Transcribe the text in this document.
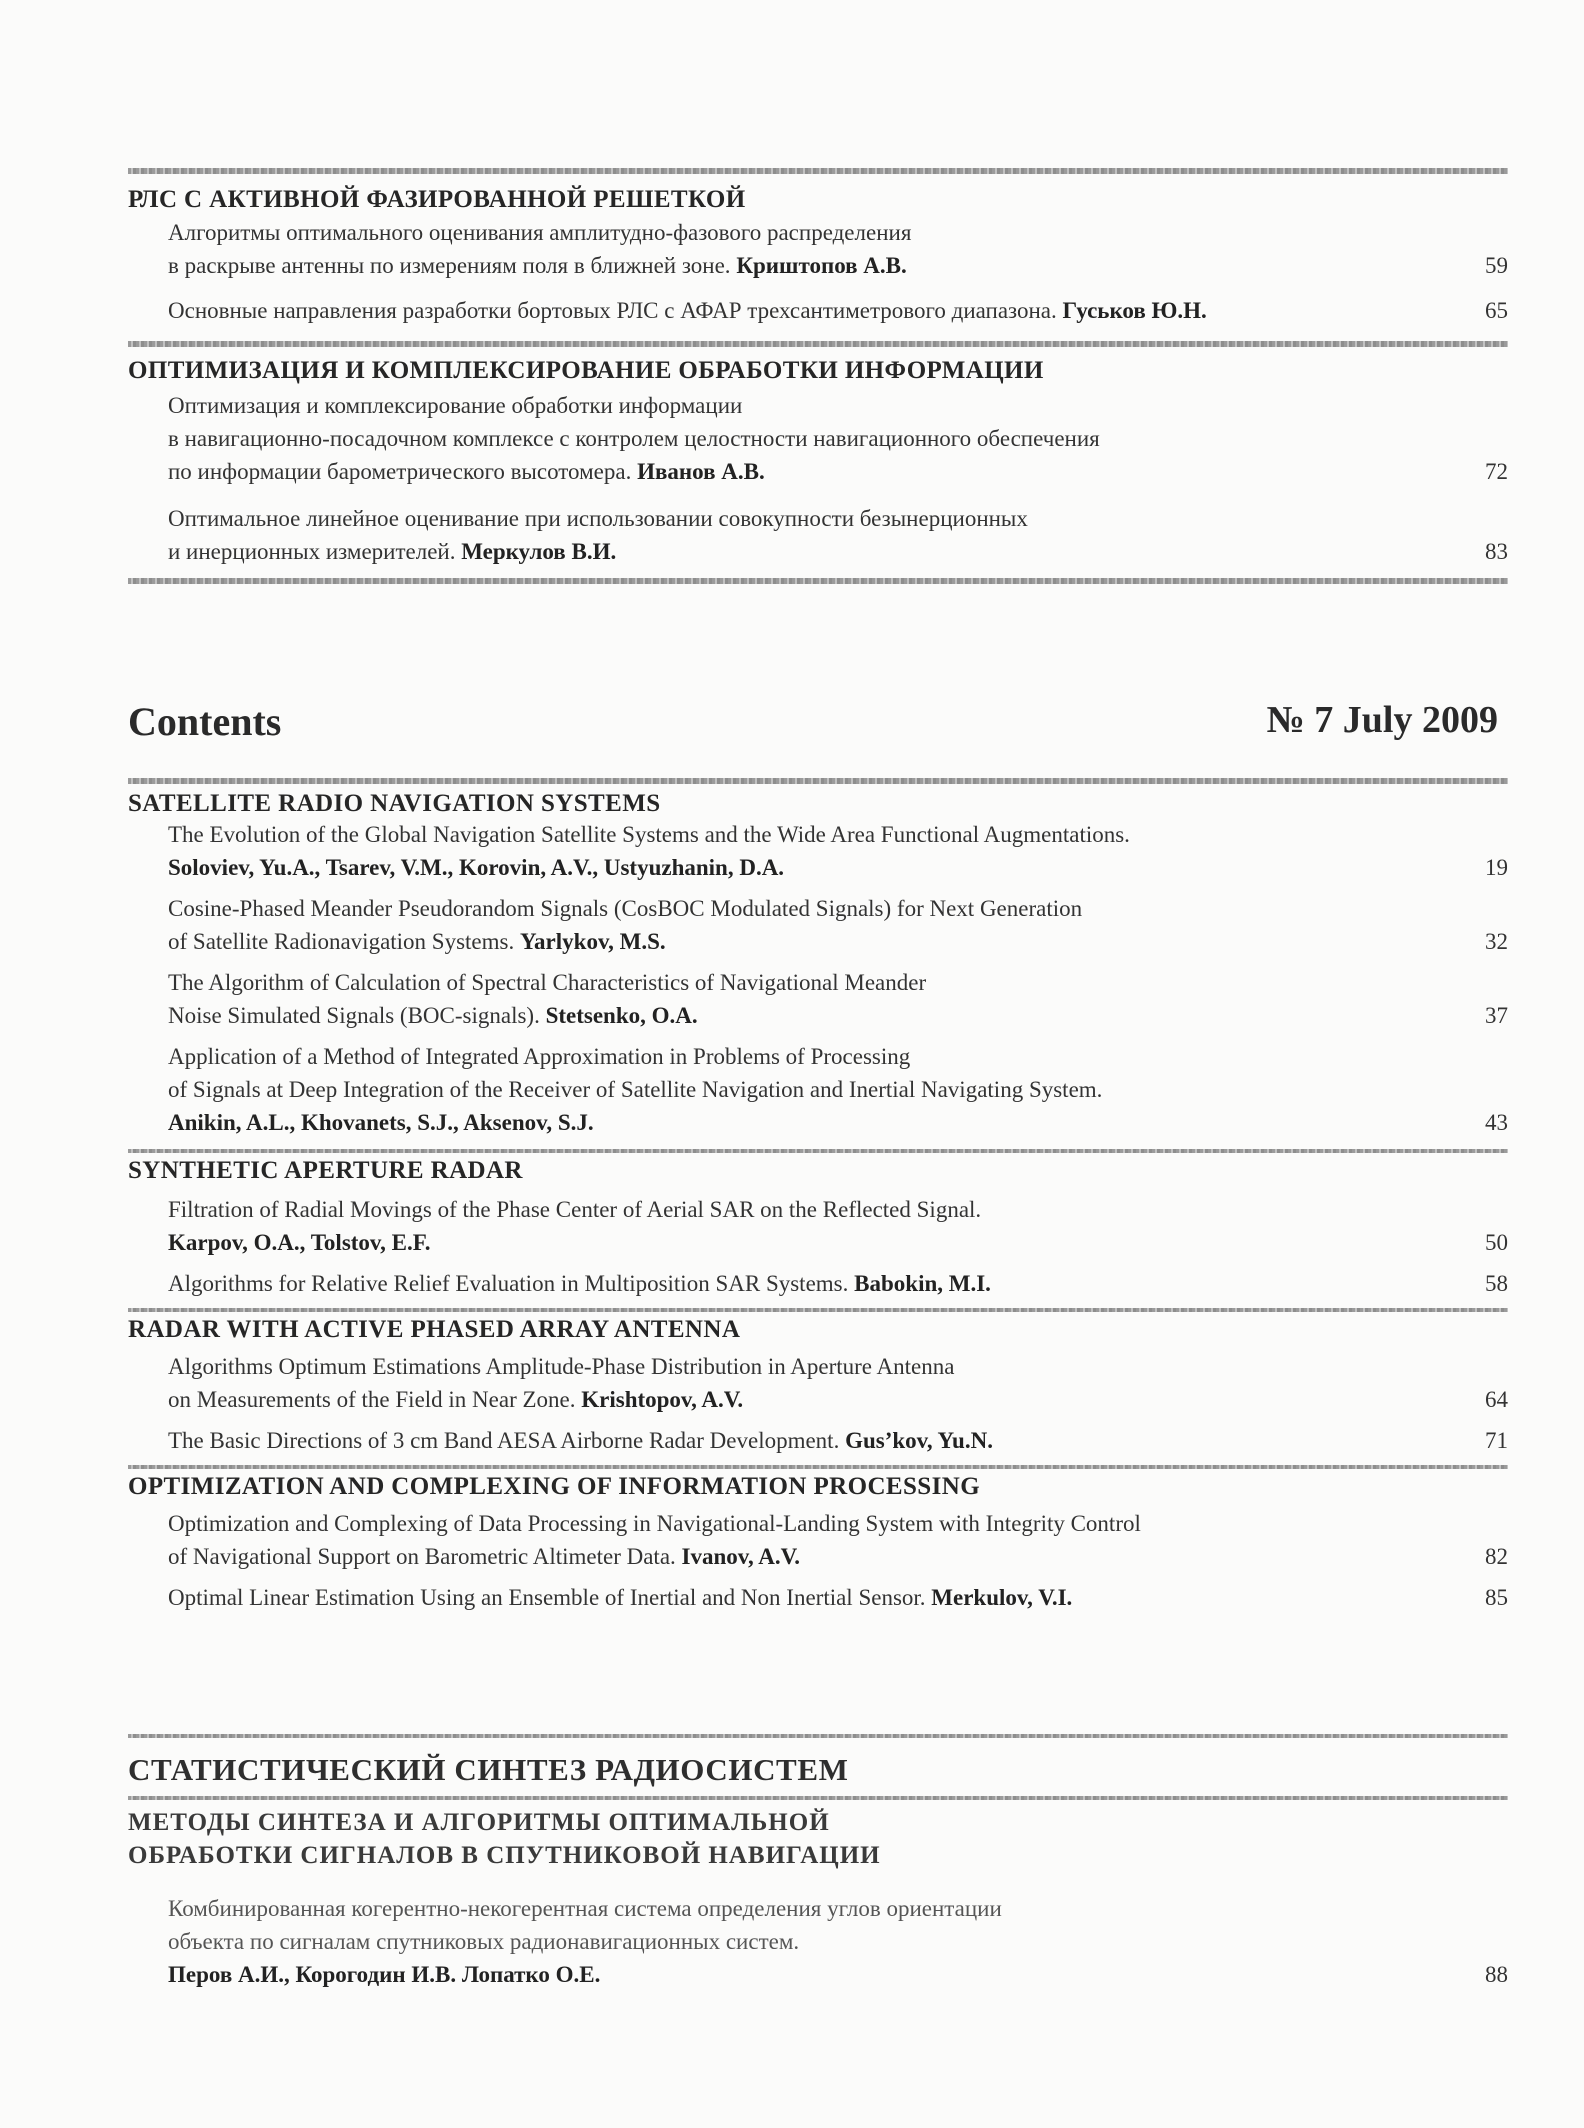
РЛС С АКТИВНОЙ ФАЗИРОВАННОЙ РЕШЕТКОЙ
Алгоритмы оптимального оценивания амплитудно-фазового распределения
в раскрыве антенны по измерениям поля в ближней зоне. Криштопов А.В.	59
Основные направления разработки бортовых РЛС с АФАР трехсантиметрового диапазона. Гуськов Ю.Н.	65
ОПТИМИЗАЦИЯ И КОМПЛЕКСИРОВАНИЕ ОБРАБОТКИ ИНФОРМАЦИИ
Оптимизация и комплексирование обработки информации
в навигационно-посадочном комплексе с контролем целостности навигационного обеспечения
по информации барометрического высотомера. Иванов А.В.	72
Оптимальное линейное оценивание при использовании совокупности безынерционных
и инерционных измерителей. Меркулов В.И.	83
Contents	№ 7 July 2009
SATELLITE RADIO NAVIGATION SYSTEMS
The Evolution of the Global Navigation Satellite Systems and the Wide Area Functional Augmentations.
Soloviev, Yu.A., Tsarev, V.M., Korovin, A.V., Ustyuzhanin, D.A.	19
Cosine-Phased Meander Pseudorandom Signals (CosBOC Modulated Signals) for Next Generation
of Satellite Radionavigation Systems. Yarlykov, M.S.	32
The Algorithm of Calculation of Spectral Characteristics of Navigational Meander
Noise Simulated Signals (BOC-signals). Stetsenko, O.A.	37
Application of a Method of Integrated Approximation in Problems of Processing
of Signals at Deep Integration of the Receiver of Satellite Navigation and Inertial Navigating System.
Anikin, A.L., Khovanets, S.J., Aksenov, S.J.	43
SYNTHETIC APERTURE RADAR
Filtration of Radial Movings of the Phase Center of Aerial SAR on the Reflected Signal.
Karpov, O.A., Tolstov, E.F.	50
Algorithms for Relative Relief Evaluation in Multiposition SAR Systems. Babokin, M.I.	58
RADAR WITH ACTIVE PHASED ARRAY ANTENNA
Algorithms Optimum Estimations Amplitude-Phase Distribution in Aperture Antenna
on Measurements of the Field in Near Zone. Krishtopov, A.V.	64
The Basic Directions of 3 cm Band AESA Airborne Radar Development. Gus’kov, Yu.N.	71
OPTIMIZATION AND COMPLEXING OF INFORMATION PROCESSING
Optimization and Complexing of Data Processing in Navigational-Landing System with Integrity Control
of Navigational Support on Barometric Altimeter Data. Ivanov, A.V.	82
Optimal Linear Estimation Using an Ensemble of Inertial and Non Inertial Sensor. Merkulov, V.I.	85
СТАТИСТИЧЕСКИЙ СИНТЕЗ РАДИОСИСТЕМ
МЕТОДЫ СИНТЕЗА И АЛГОРИТМЫ ОПТИМАЛЬНОЙ
ОБРАБОТКИ СИГНАЛОВ В СПУТНИКОВОЙ НАВИГАЦИИ
Комбинированная когерентно-некогерентная система определения углов ориентации
объекта по сигналам спутниковых радионавигационных систем.
Перов А.И., Корогодин И.В. Лопатко О.Е.	88
